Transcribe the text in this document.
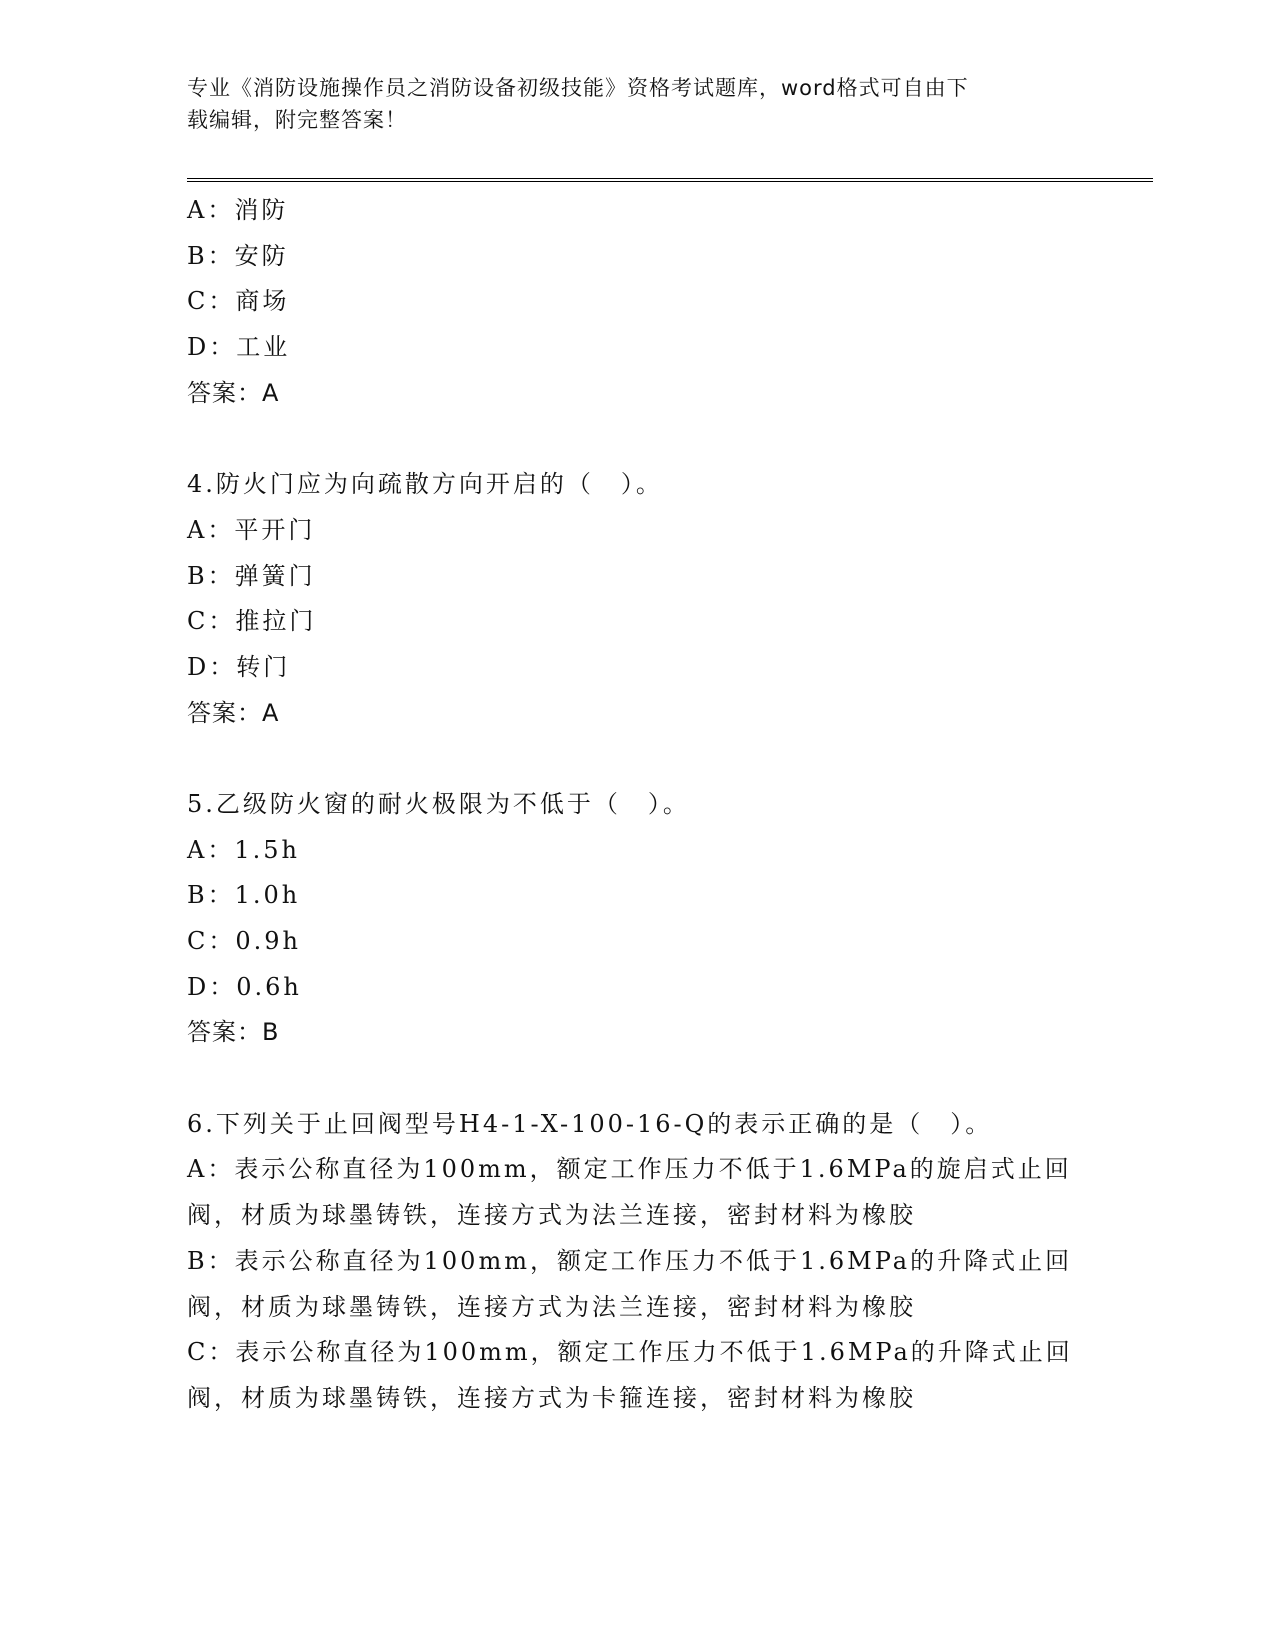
专业《消防设施操作员之消防设备初级技能》资格考试题库，word格式可自由下
载编辑，附完整答案！
A：消防
B：安防
C：商场
D：工业
答案：A
4.防火门应为向疏散方向开启的（　）。
A：平开门
B：弹簧门
C：推拉门
D：转门
答案：A
5.乙级防火窗的耐火极限为不低于（　）。
A：1.5h
B：1.0h
C：0.9h
D：0.6h
答案：B
6.下列关于止回阀型号H4-1-X-100-16-Q的表示正确的是（　）。
A：表示公称直径为100mm，额定工作压力不低于1.6MPa的旋启式止回
阀，材质为球墨铸铁，连接方式为法兰连接，密封材料为橡胶
B：表示公称直径为100mm，额定工作压力不低于1.6MPa的升降式止回
阀，材质为球墨铸铁，连接方式为法兰连接，密封材料为橡胶
C：表示公称直径为100mm，额定工作压力不低于1.6MPa的升降式止回
阀，材质为球墨铸铁，连接方式为卡箍连接，密封材料为橡胶
